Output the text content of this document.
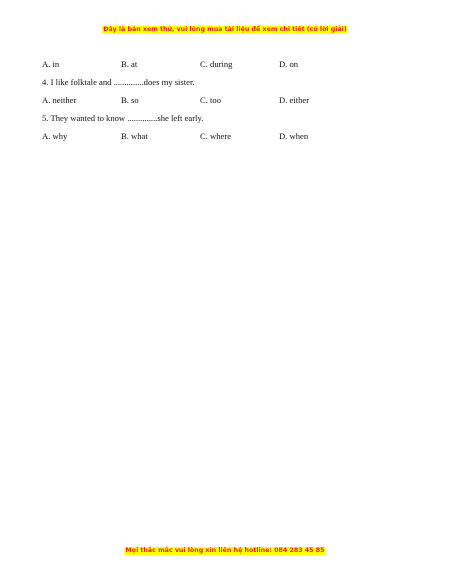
Đây là bản xem thử, vui lòng mua tài liệu để xem chi tiết (có lời giải)
A. in	B. at	C. during	D. on
4. I like folktale and ..............does my sister.
A. neither	B. so	C. too	D. either
5. They wanted to know ..............she left early.
A. why	B. what	C. where	D. when
Mọi thắc mắc vui lòng xin liên hệ hotline: 084 283 45 85
